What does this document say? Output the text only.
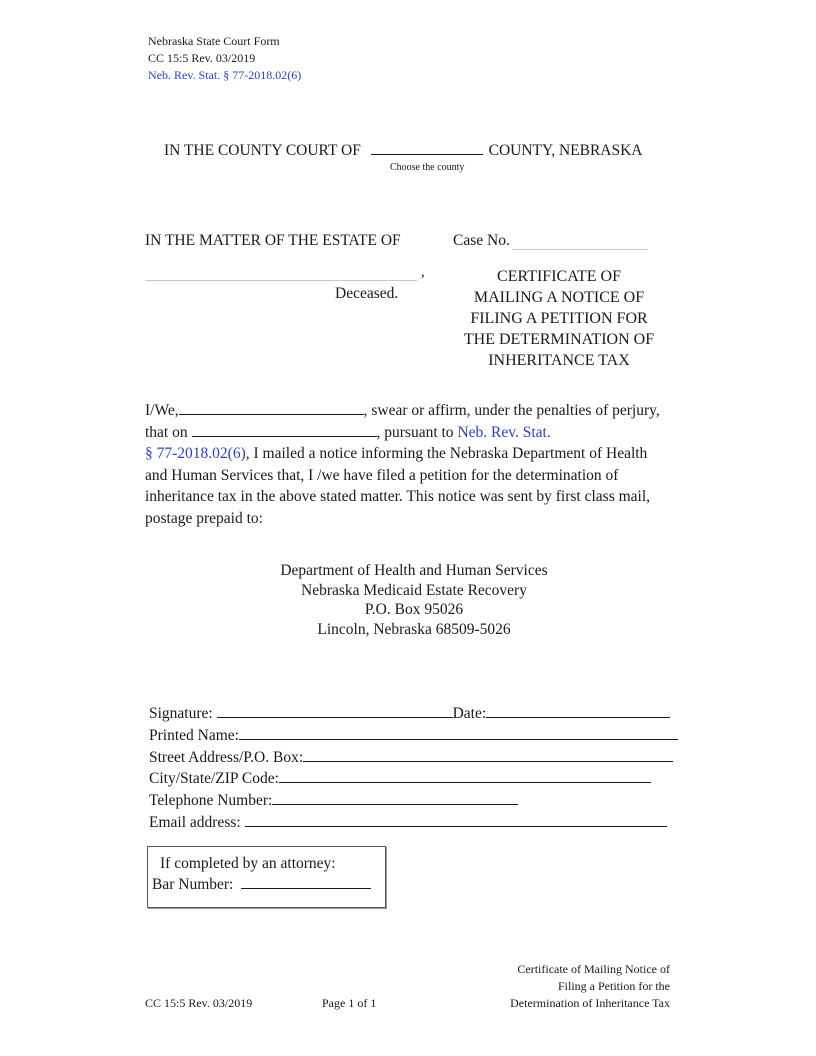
Nebraska State Court Form
CC 15:5 Rev. 03/2019
Neb. Rev. Stat. § 77-2018.02(6)
IN THE COUNTY COURT OF	COUNTY, NEBRASKA
Choose the county
IN THE MATTER OF THE ESTATE OF
,
Deceased.
Case No.
CERTIFICATE OF
MAILING A NOTICE OF
FILING A PETITION FOR
THE DETERMINATION OF
INHERITANCE TAX
I/We,	, swear or affirm, under the penalties of perjury,
that on	, pursuant to Neb. Rev. Stat.
§ 77-2018.02(6), I mailed a notice informing the Nebraska Department of Health
and Human Services that, I /we have filed a petition for the determination of
inheritance tax in the above stated matter. This notice was sent by first class mail,
postage prepaid to:
Department of Health and Human Services
Nebraska Medicaid Estate Recovery
P.O. Box 95026
Lincoln, Nebraska 68509-5026
Signature:	Date:
Printed Name:
Street Address/P.O. Box:
City/State/ZIP Code:
Telephone Number:
Email address:
If completed by an attorney:
Bar Number:
CC 15:5 Rev. 03/2019	Page 1 of 1
Certificate of Mailing Notice of
Filing a Petition for the
Determination of Inheritance Tax
